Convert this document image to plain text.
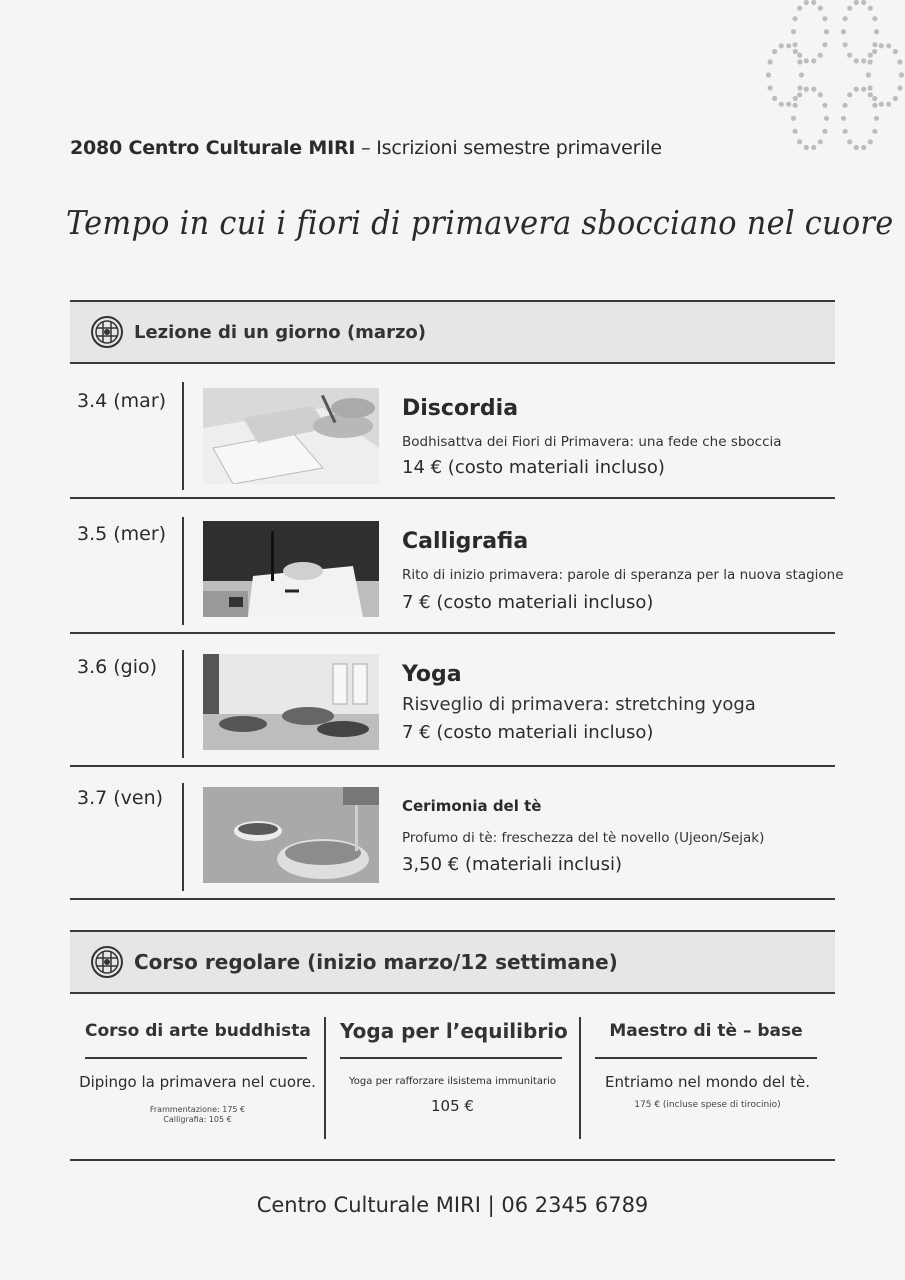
2080 Centro Culturale MIRI – Iscrizioni semestre primaverile
Tempo in cui i fiori di primavera sbocciano nel cuore
Lezione di un giorno (marzo)
3.4 (mar)	Discordia
Bodhisattva dei Fiori di Primavera: una fede che sboccia
14 € (costo materiali incluso)
3.5 (mer)	Calligrafia
Rito di inizio primavera: parole di speranza per la nuova stagione
7 € (costo materiali incluso)
3.6 (gio)	Yoga
Risveglio di primavera: stretching yoga
7 € (costo materiali incluso)
3.7 (ven)	Cerimonia del tè
Profumo di tè: freschezza del tè novello (Ujeon/Sejak)
3,50 € (materiali inclusi)
Corso regolare (inizio marzo/12 settimane)
Corso di arte buddhista
Dipingo la primavera nel cuore.
Frammentazione: 175 €
Calligrafia: 105 €
Yoga per l’equilibrio
Yoga per rafforzare ilsistema immunitario
105 €
Maestro di tè – base
Entriamo nel mondo del tè.
175 € (incluse spese di tirocinio)
Centro Culturale MIRI | 06 2345 6789
